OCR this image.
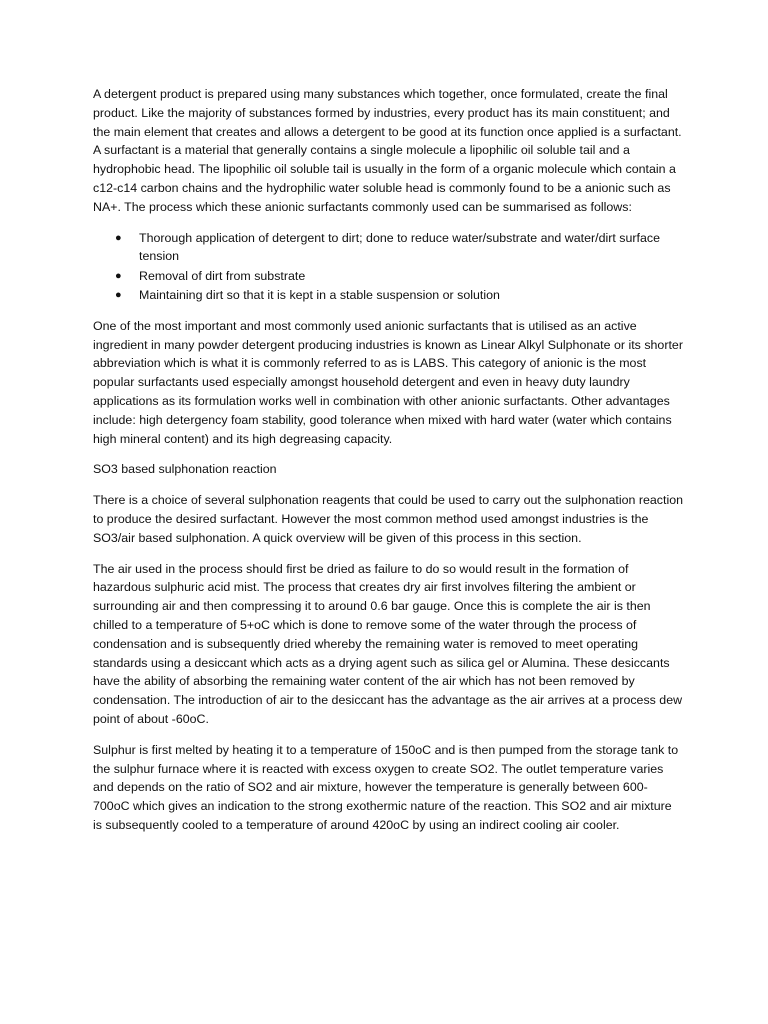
A detergent product is prepared using many substances which together, once formulated, create the final product. Like the majority of substances formed by industries, every product has its main constituent; and the main element that creates and allows a detergent to be good at its function once applied is a surfactant. A surfactant is a material that generally contains a single molecule a lipophilic oil soluble tail and a hydrophobic head. The lipophilic oil soluble tail is usually in the form of a organic molecule which contain a c12-c14 carbon chains and the hydrophilic water soluble head is commonly found to be a anionic such as NA+. The process which these anionic surfactants commonly used can be summarised as follows:

● Thorough application of detergent to dirt; done to reduce water/substrate and water/dirt surface tension
● Removal of dirt from substrate
● Maintaining dirt so that it is kept in a stable suspension or solution

One of the most important and most commonly used anionic surfactants that is utilised as an active ingredient in many powder detergent producing industries is known as Linear Alkyl Sulphonate or its shorter abbreviation which is what it is commonly referred to as is LABS. This category of anionic is the most popular surfactants used especially amongst household detergent and even in heavy duty laundry applications as its formulation works well in combination with other anionic surfactants. Other advantages include: high detergency foam stability, good tolerance when mixed with hard water (water which contains high mineral content) and its high degreasing capacity.

SO3 based sulphonation reaction

There is a choice of several sulphonation reagents that could be used to carry out the sulphonation reaction to produce the desired surfactant. However the most common method used amongst industries is the SO3/air based sulphonation. A quick overview will be given of this process in this section.

The air used in the process should first be dried as failure to do so would result in the formation of hazardous sulphuric acid mist. The process that creates dry air first involves filtering the ambient or surrounding air and then compressing it to around 0.6 bar gauge. Once this is complete the air is then chilled to a temperature of 5+oC which is done to remove some of the water through the process of condensation and is subsequently dried whereby the remaining water is removed to meet operating standards using a desiccant which acts as a drying agent such as silica gel or Alumina. These desiccants have the ability of absorbing the remaining water content of the air which has not been removed by condensation. The introduction of air to the desiccant has the advantage as the air arrives at a process dew point of about -60oC.

Sulphur is first melted by heating it to a temperature of 150oC and is then pumped from the storage tank to the sulphur furnace where it is reacted with excess oxygen to create SO2. The outlet temperature varies and depends on the ratio of SO2 and air mixture, however the temperature is generally between 600-700oC which gives an indication to the strong exothermic nature of the reaction. This SO2 and air mixture is subsequently cooled to a temperature of around 420oC by using an indirect cooling air cooler.
